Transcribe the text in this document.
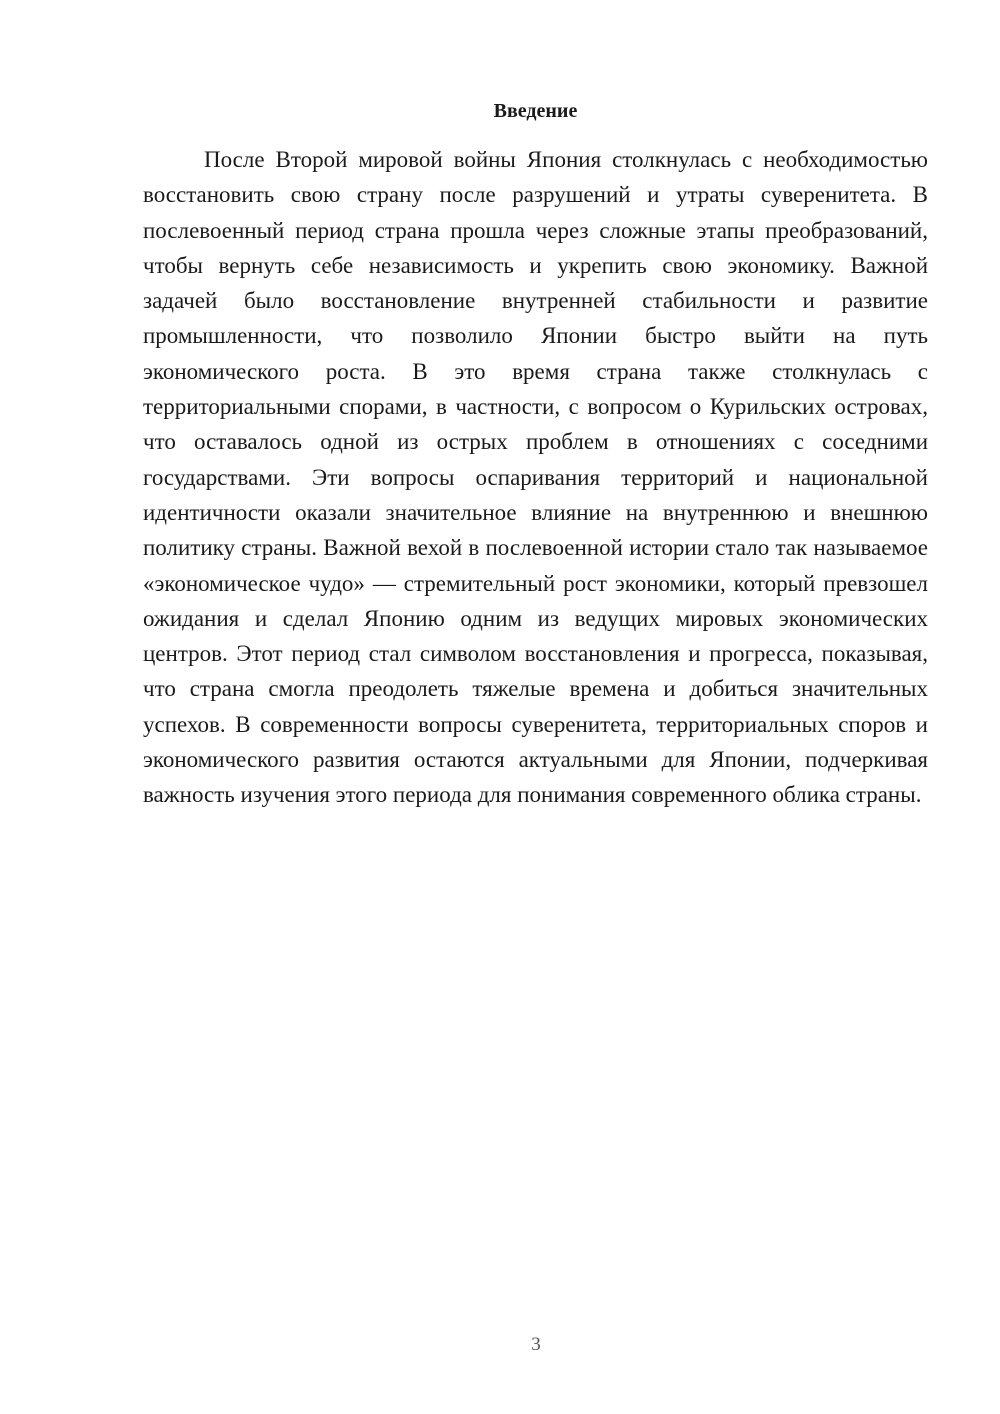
Введение

После Второй мировой войны Япония столкнулась с необходимостью восстановить свою страну после разрушений и утраты суверенитета. В послевоенный период страна прошла через сложные этапы преобразований, чтобы вернуть себе независимость и укрепить свою экономику. Важной задачей было восстановление внутренней стабильности и развитие промышленности, что позволило Японии быстро выйти на путь экономического роста. В это время страна также столкнулась с территориальными спорами, в частности, с вопросом о Курильских островах, что оставалось одной из острых проблем в отношениях с соседними государствами. Эти вопросы оспаривания территорий и национальной идентичности оказали значительное влияние на внутреннюю и внешнюю политику страны. Важной вехой в послевоенной истории стало так называемое «экономическое чудо» — стремительный рост экономики, который превзошел ожидания и сделал Японию одним из ведущих мировых экономических центров. Этот период стал символом восстановления и прогресса, показывая, что страна смогла преодолеть тяжелые времена и добиться значительных успехов. В современности вопросы суверенитета, территориальных споров и экономического развития остаются актуальными для Японии, подчеркивая важность изучения этого периода для понимания современного облика страны.

3
